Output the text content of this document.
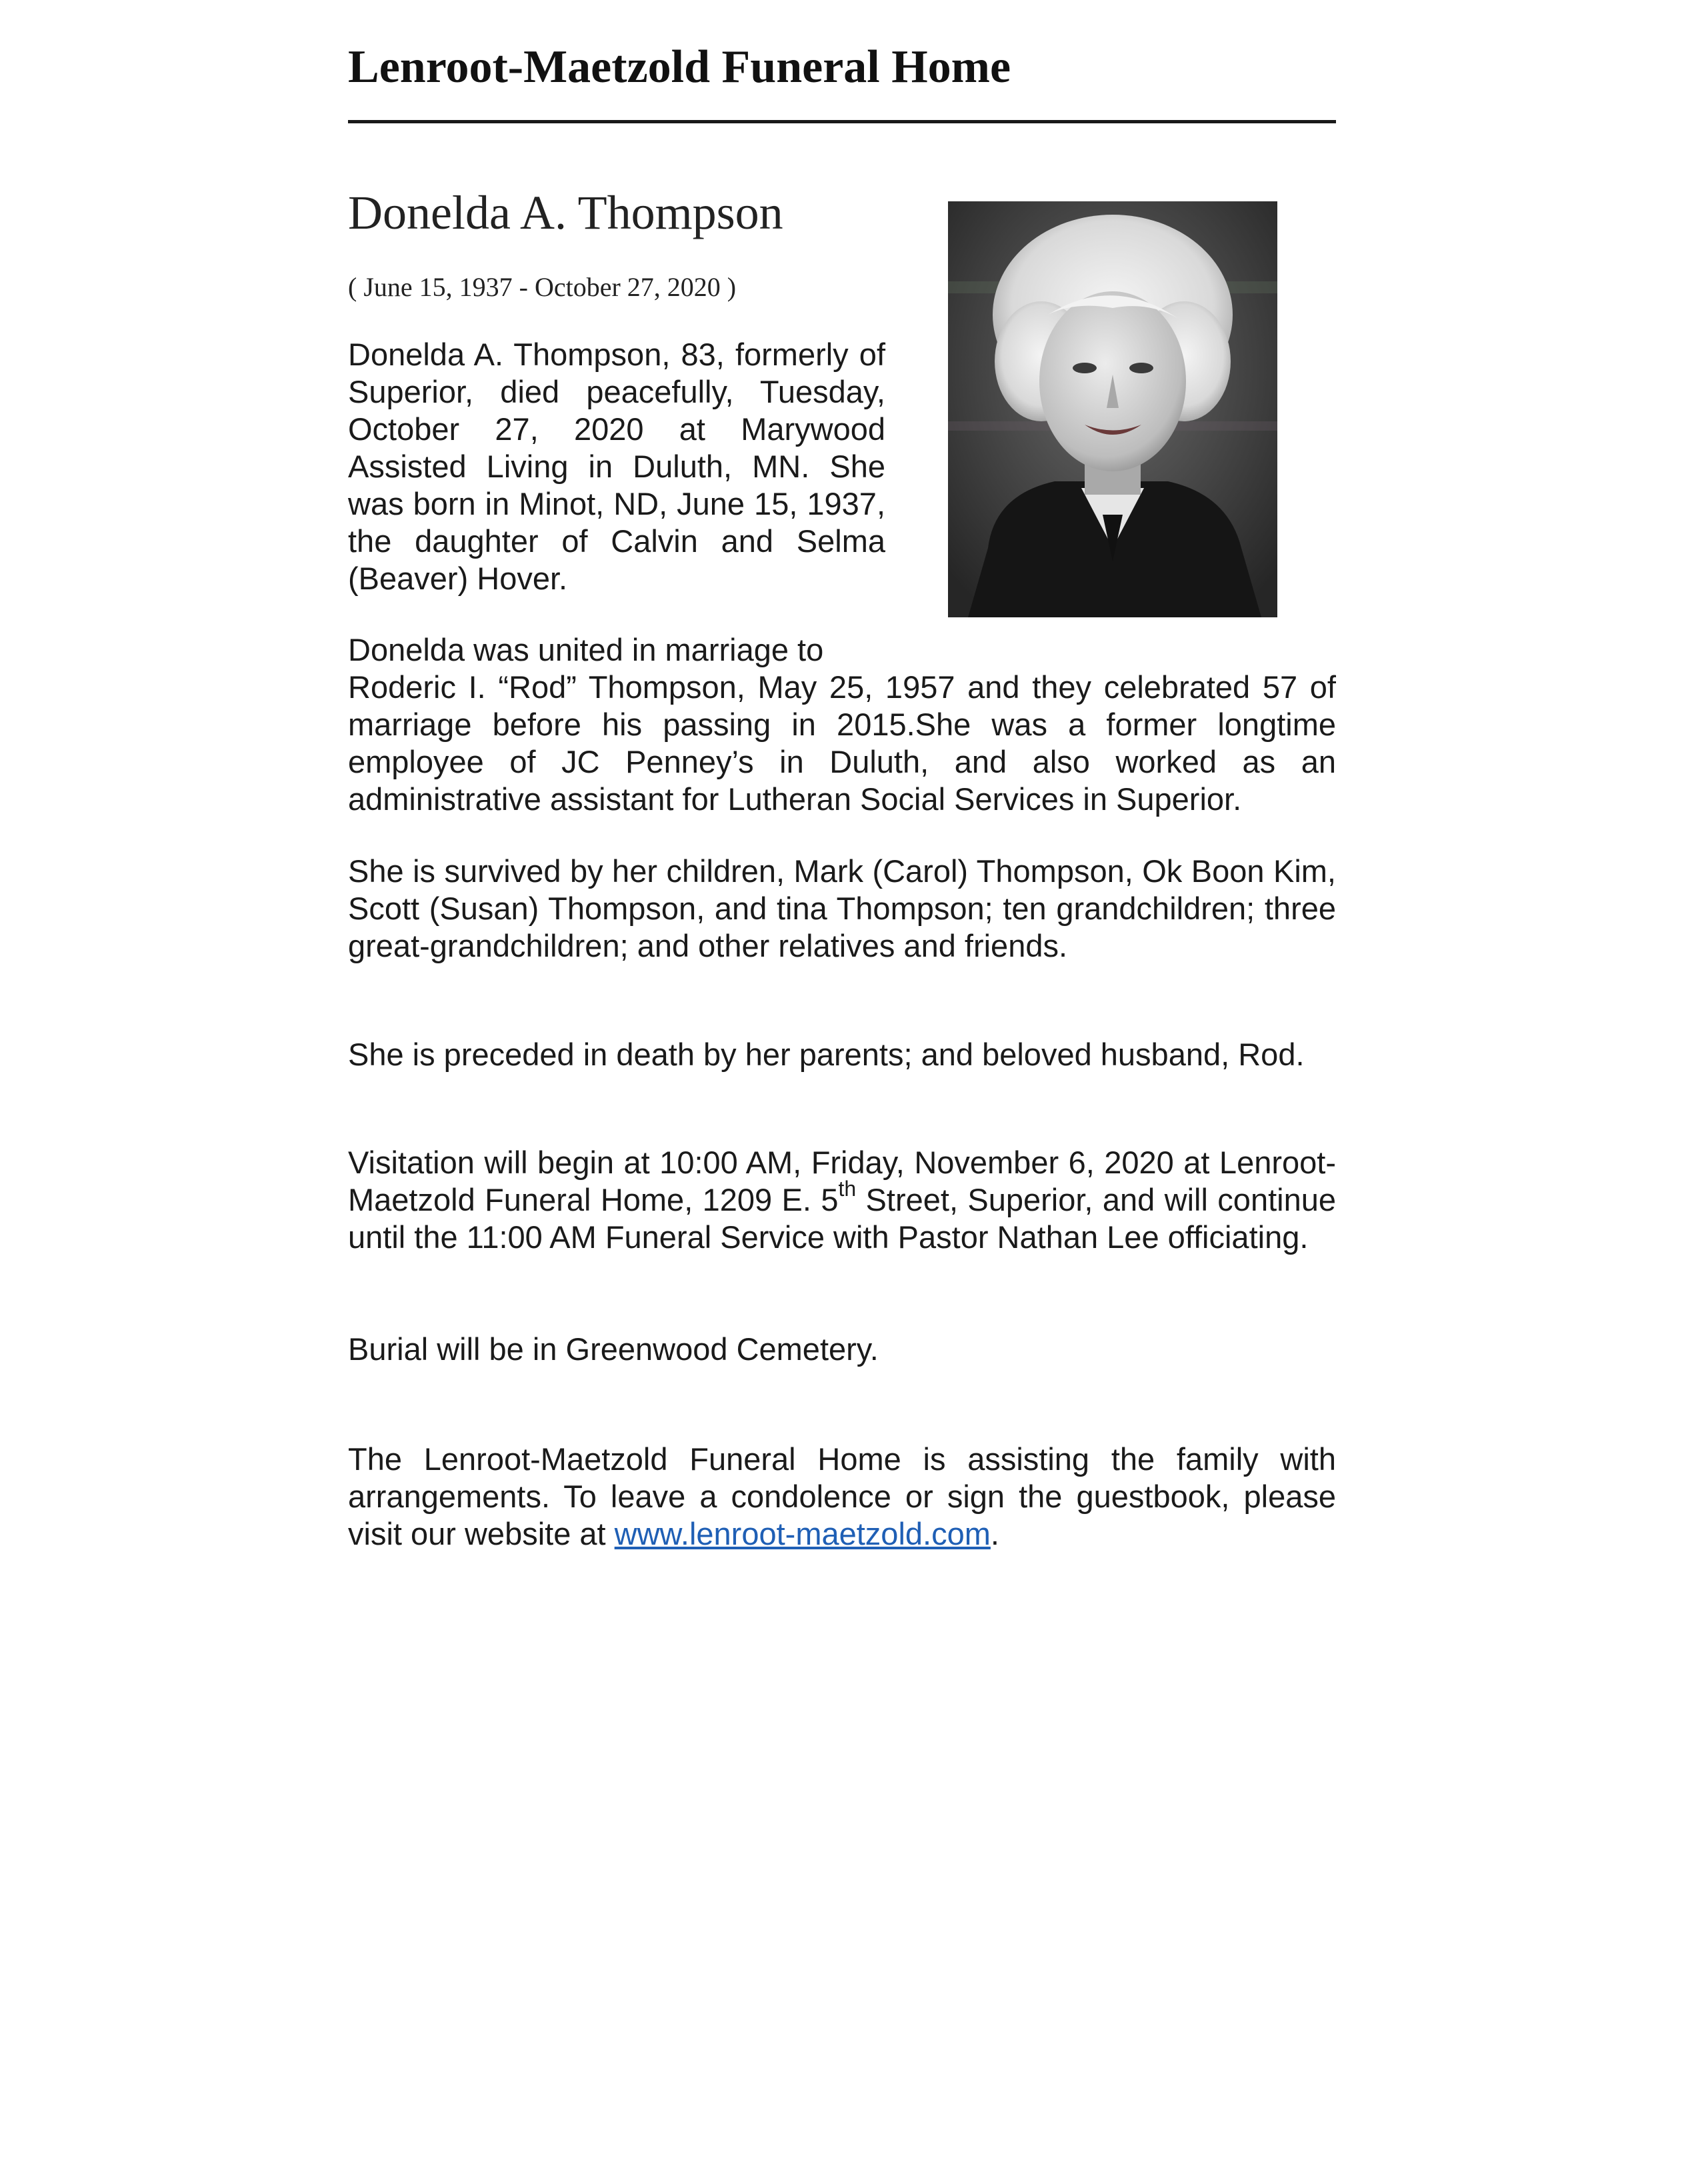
Lenroot-Maetzold Funeral Home
Donelda A. Thompson
( June 15, 1937 - October 27, 2020 )

Donelda A. Thompson, 83, formerly of Superior, died peacefully, Tuesday, October 27, 2020 at Marywood Assisted Living in Duluth, MN. She was born in Minot, ND, June 15, 1937, the daughter of Calvin and Selma (Beaver) Hover.

Donelda was united in marriage to

Roderic I. “Rod” Thompson, May 25, 1957 and they celebrated 57 of marriage before his passing in 2015.She was a former longtime employee of JC Penney’s in Duluth, and also worked as an administrative assistant for Lutheran Social Services in Superior.

She is survived by her children, Mark (Carol) Thompson, Ok Boon Kim, Scott (Susan) Thompson, and tina Thompson; ten grandchildren; three great-grandchildren; and other relatives and friends.

She is preceded in death by her parents; and beloved husband, Rod.

Visitation will begin at 10:00 AM, Friday, November 6, 2020 at Lenroot-Maetzold Funeral Home, 1209 E. 5th Street, Superior, and will continue until the 11:00 AM Funeral Service with Pastor Nathan Lee officiating.

Burial will be in Greenwood Cemetery.

The Lenroot-Maetzold Funeral Home is assisting the family with arrangements. To leave a condolence or sign the guestbook, please visit our website at www.lenroot-maetzold.com.
